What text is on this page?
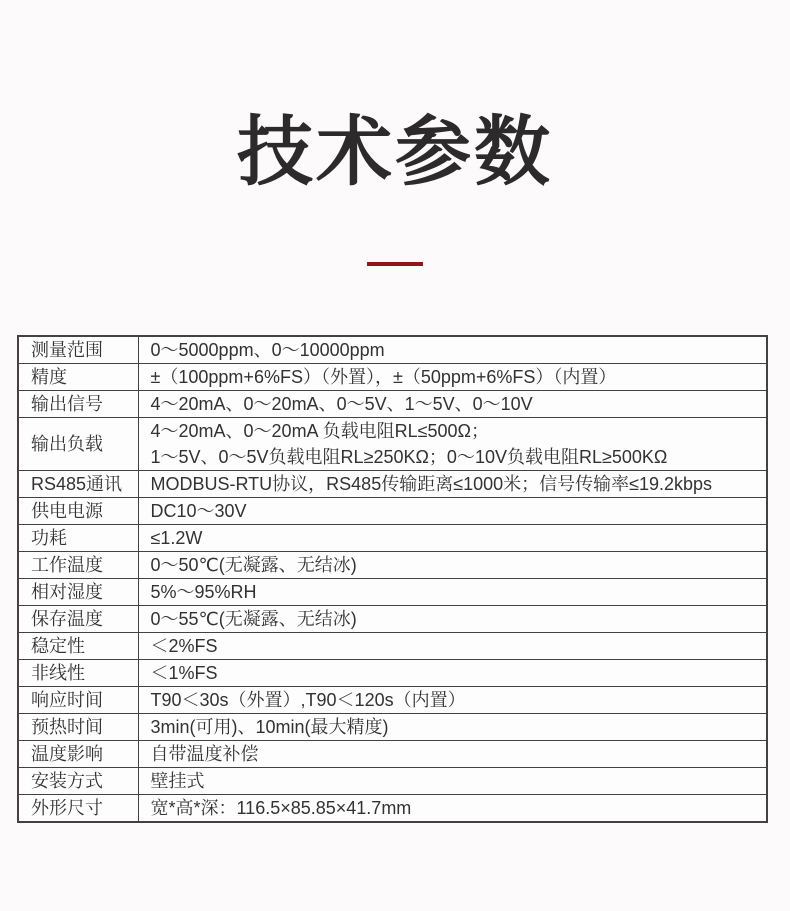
技术参数
测量范围	0～5000ppm、0～10000ppm

精度	±（100ppm+6%FS）（外置），±（50ppm+6%FS）（内置）

输出信号	4～20mA、0～20mA、0～5V、1～5V、0～10V

输出负载	4～20mA、0～20mA 负载电阻RL≤500Ω；
1～5V、0～5V负载电阻RL≥250KΩ；0～10V负载电阻RL≥500KΩ

RS485通讯	MODBUS-RTU协议，RS485传输距离≤1000米；信号传输率≤19.2kbps

供电电源	DC10～30V

功耗	≤1.2W

工作温度	0～50℃(无凝露、无结冰)

相对湿度	5%～95%RH

保存温度	0～55℃(无凝露、无结冰)

稳定性	＜2%FS

非线性	＜1%FS

响应时间	T90＜30s（外置）,T90＜120s（内置）

预热时间	3min(可用)、10min(最大精度)

温度影响	自带温度补偿

安装方式	壁挂式

外形尺寸	宽*高*深：116.5×85.85×41.7mm
